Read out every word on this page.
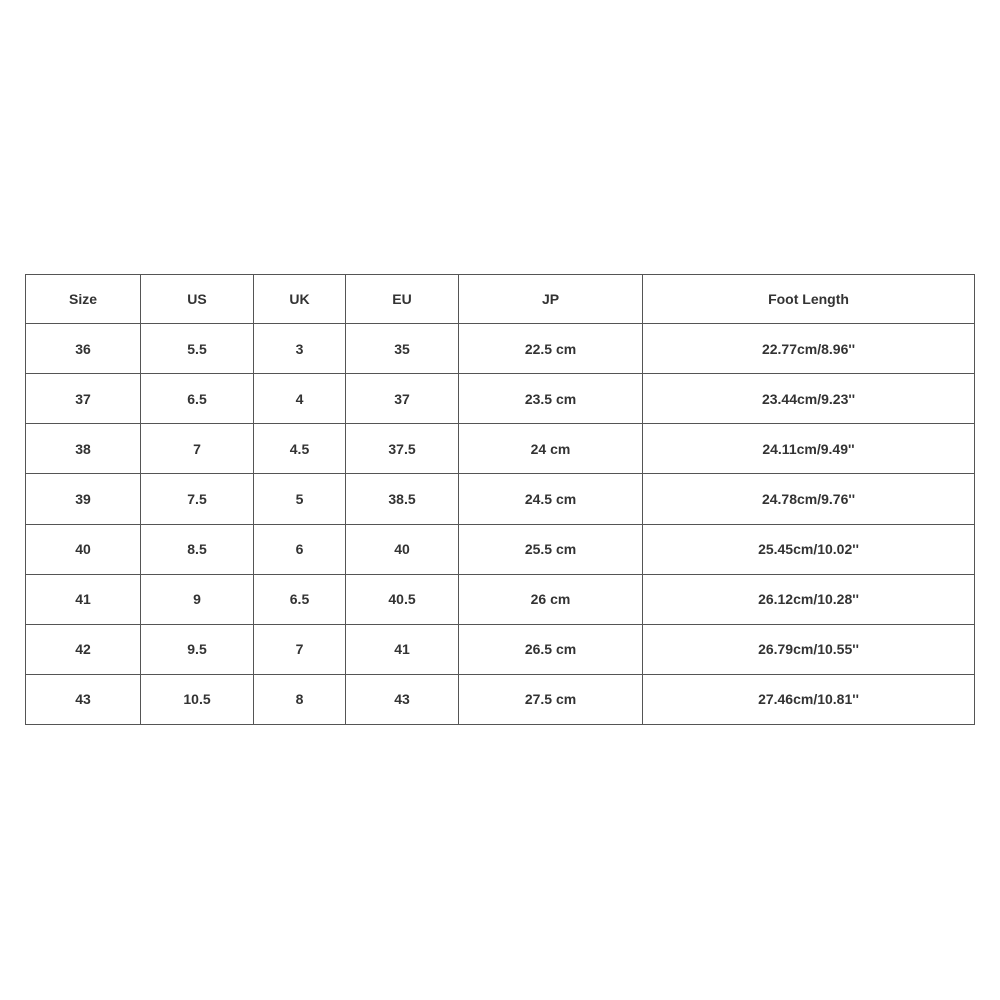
Size	US	UK	EU	JP	Foot Length
36	5.5	3	35	22.5 cm	22.77cm/8.96''
37	6.5	4	37	23.5 cm	23.44cm/9.23''
38	7	4.5	37.5	24 cm	24.11cm/9.49''
39	7.5	5	38.5	24.5 cm	24.78cm/9.76''
40	8.5	6	40	25.5 cm	25.45cm/10.02''
41	9	6.5	40.5	26 cm	26.12cm/10.28''
42	9.5	7	41	26.5 cm	26.79cm/10.55''
43	10.5	8	43	27.5 cm	27.46cm/10.81''
